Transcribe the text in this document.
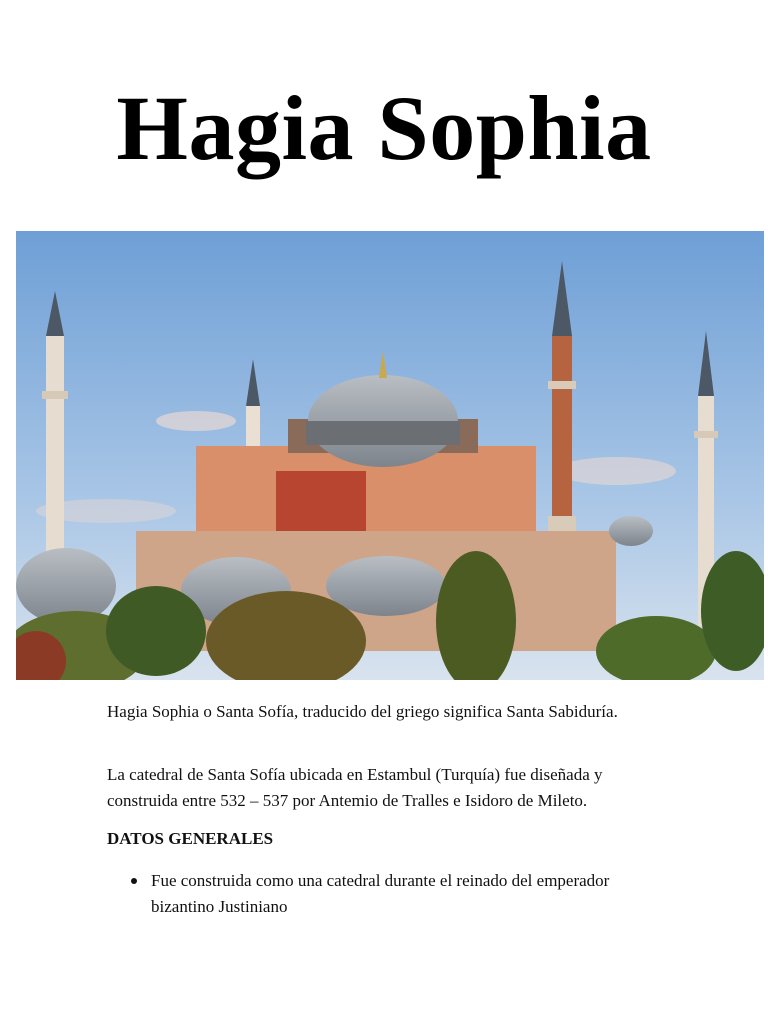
Hagia Sophia

Hagia Sophia o Santa Sofía, traducido del griego significa Santa Sabiduría.

La catedral de Santa Sofía ubicada en Estambul (Turquía) fue diseñada y construida entre 532 – 537 por Antemio de Tralles e Isidoro de Mileto.

DATOS GENERALES
Fue construida como una catedral durante el reinado del emperador bizantino Justiniano
